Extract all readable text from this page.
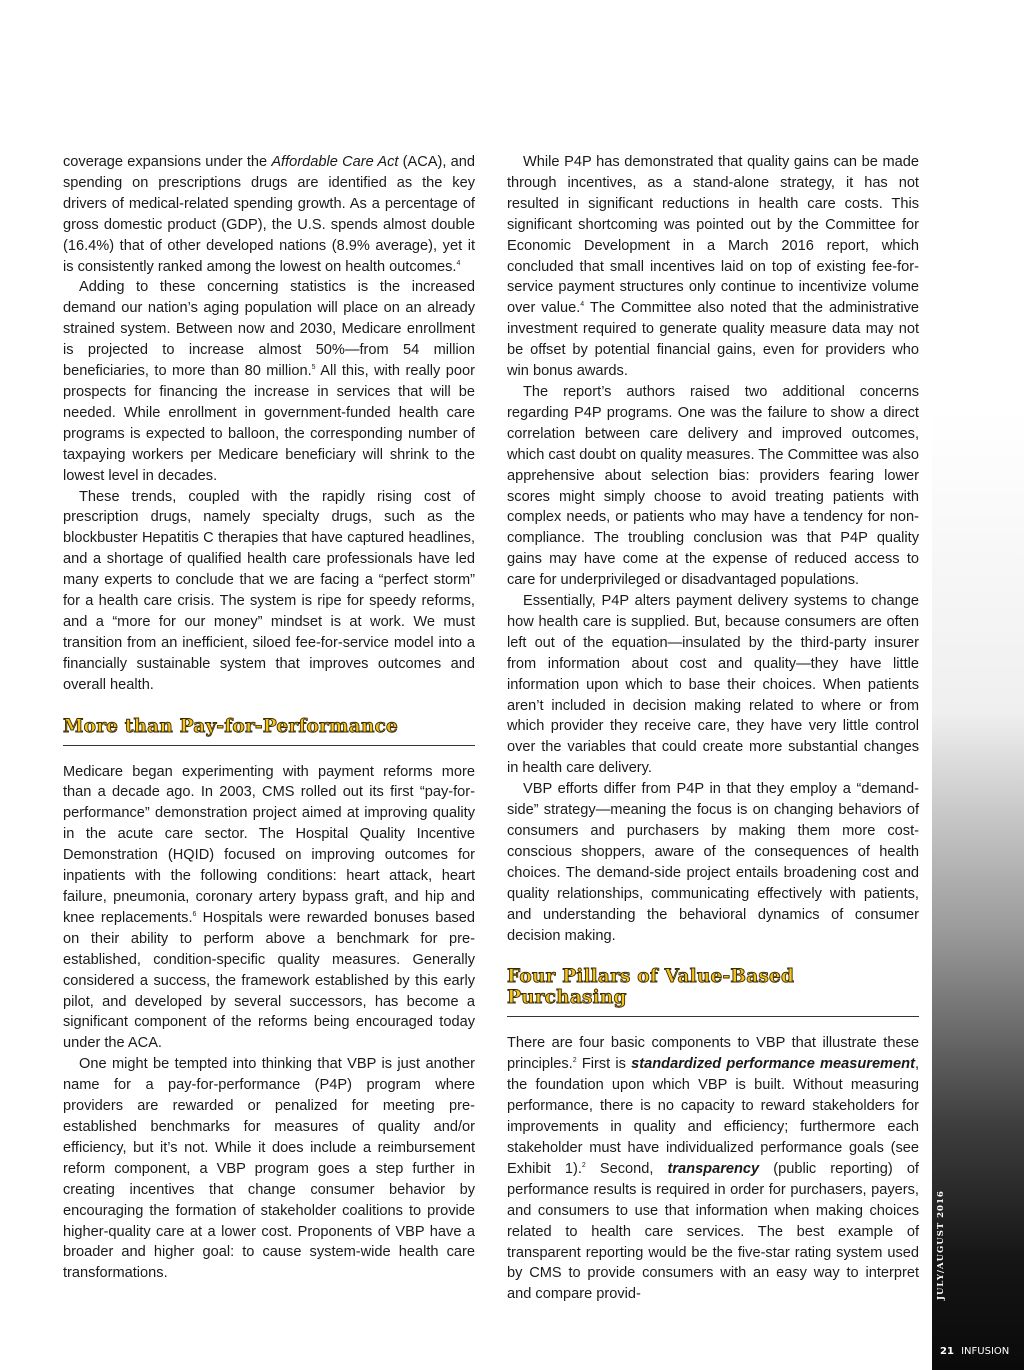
coverage expansions under the Affordable Care Act (ACA), and spending on prescriptions drugs are identified as the key drivers of medical-related spending growth. As a percentage of gross domestic product (GDP), the U.S. spends almost double (16.4%) that of other developed nations (8.9% average), yet it is consistently ranked among the lowest on health outcomes.$^4$

Adding to these concerning statistics is the increased demand our nation’s aging population will place on an already strained system. Between now and 2030, Medicare enrollment is projected to increase almost 50%—from 54 million beneficiaries, to more than 80 million.$^5$ All this, with really poor prospects for financing the increase in services that will be needed. While enrollment in government-funded health care programs is expected to balloon, the corresponding number of taxpaying workers per Medicare beneficiary will shrink to the lowest level in decades.

These trends, coupled with the rapidly rising cost of prescription drugs, namely specialty drugs, such as the blockbuster Hepatitis C therapies that have captured headlines, and a shortage of qualified health care professionals have led many experts to conclude that we are facing a “perfect storm” for a health care crisis. The system is ripe for speedy reforms, and a “more for our money” mindset is at work. We must transition from an inefficient, siloed fee-for-service model into a financially sustainable system that improves outcomes and overall health.

More than Pay-for-Performance

Medicare began experimenting with payment reforms more than a decade ago. In 2003, CMS rolled out its first “pay-for-performance” demonstration project aimed at improving quality in the acute care sector. The Hospital Quality Incentive Demonstration (HQID) focused on improving outcomes for inpatients with the following conditions: heart attack, heart failure, pneumonia, coronary artery bypass graft, and hip and knee replacements.$^6$ Hospitals were rewarded bonuses based on their ability to perform above a benchmark for pre-established, condition-specific quality measures. Generally considered a success, the framework established by this early pilot, and developed by several successors, has become a significant component of the reforms being encouraged today under the ACA.

One might be tempted into thinking that VBP is just another name for a pay-for-performance (P4P) program where providers are rewarded or penalized for meeting pre-established benchmarks for measures of quality and/or efficiency, but it’s not. While it does include a reimbursement reform component, a VBP program goes a step further in creating incentives that change consumer behavior by encouraging the formation of stakeholder coalitions to provide higher-quality care at a lower cost. Proponents of VBP have a broader and higher goal: to cause system-wide health care transformations.

While P4P has demonstrated that quality gains can be made through incentives, as a stand-alone strategy, it has not resulted in significant reductions in health care costs. This significant shortcoming was pointed out by the Committee for Economic Development in a March 2016 report, which concluded that small incentives laid on top of existing fee-for-service payment structures only continue to incentivize volume over value.$^4$ The Committee also noted that the administrative investment required to generate quality measure data may not be offset by potential financial gains, even for providers who win bonus awards.

The report’s authors raised two additional concerns regarding P4P programs. One was the failure to show a direct correlation between care delivery and improved outcomes, which cast doubt on quality measures. The Committee was also apprehensive about selection bias: providers fearing lower scores might simply choose to avoid treating patients with complex needs, or patients who may have a tendency for non-compliance. The troubling conclusion was that P4P quality gains may have come at the expense of reduced access to care for underprivileged or disadvantaged populations.

Essentially, P4P alters payment delivery systems to change how health care is supplied. But, because consumers are often left out of the equation—insulated by the third-party insurer from information about cost and quality—they have little information upon which to base their choices. When patients aren’t included in decision making related to where or from which provider they receive care, they have very little control over the variables that could create more substantial changes in health care delivery.

VBP efforts differ from P4P in that they employ a “demand-side” strategy—meaning the focus is on changing behaviors of consumers and purchasers by making them more cost-conscious shoppers, aware of the consequences of health choices. The demand-side project entails broadening cost and quality relationships, communicating effectively with patients, and understanding the behavioral dynamics of consumer decision making.

Four Pillars of Value-Based Purchasing

There are four basic components to VBP that illustrate these principles.$^2$ First is standardized performance measurement, the foundation upon which VBP is built. Without measuring performance, there is no capacity to reward stakeholders for improvements in quality and efficiency; furthermore each stakeholder must have individualized performance goals (see Exhibit 1).$^2$ Second, transparency (public reporting) of performance results is required in order for purchasers, payers, and consumers to use that information when making choices related to health care services. The best example of transparent reporting would be the five-star rating system used by CMS to provide consumers with an easy way to interpret and compare provid-	JULY/AUGUST 2016
21 INFUSION
